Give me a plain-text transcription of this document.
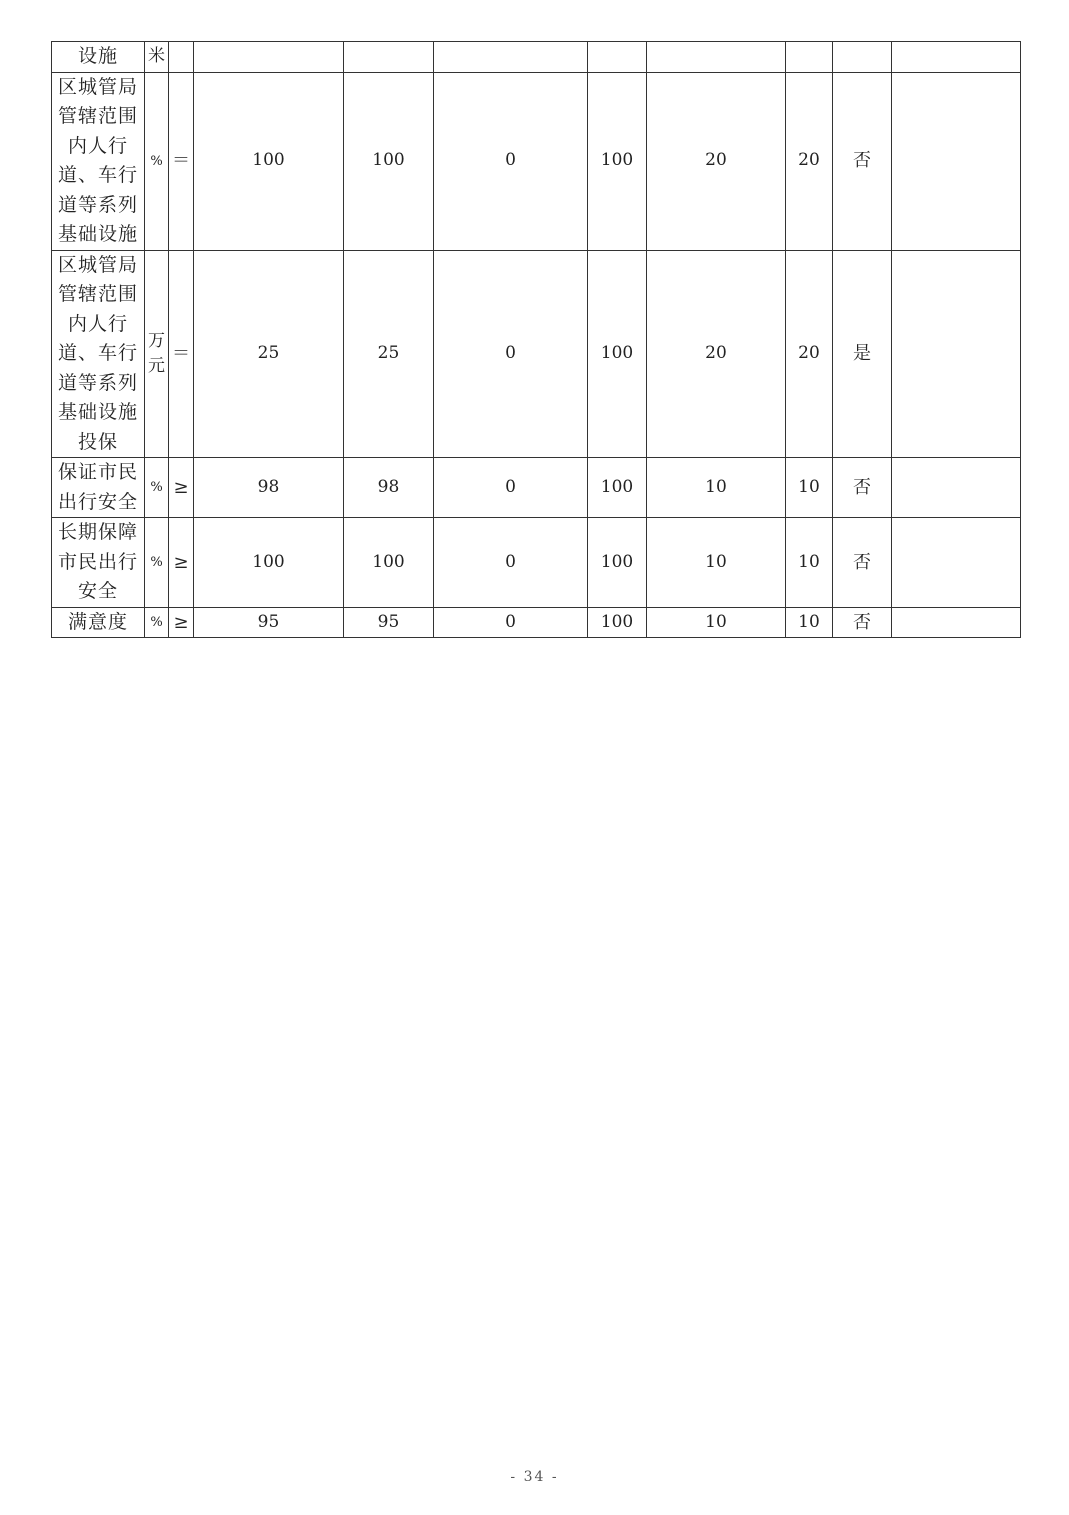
设施	米									
区城管局管辖范围内人行道、车行道等系列基础设施	%	＝	100	100	0	100	20	20	否	
区城管局管辖范围内人行道、车行道等系列基础设施投保	万元	＝	25	25	0	100	20	20	是	
保证市民出行安全	%	≥	98	98	0	100	10	10	否	
长期保障市民出行安全	%	≥	100	100	0	100	10	10	否	
满意度	%	≥	95	95	0	100	10	10	否	
- 34 -
